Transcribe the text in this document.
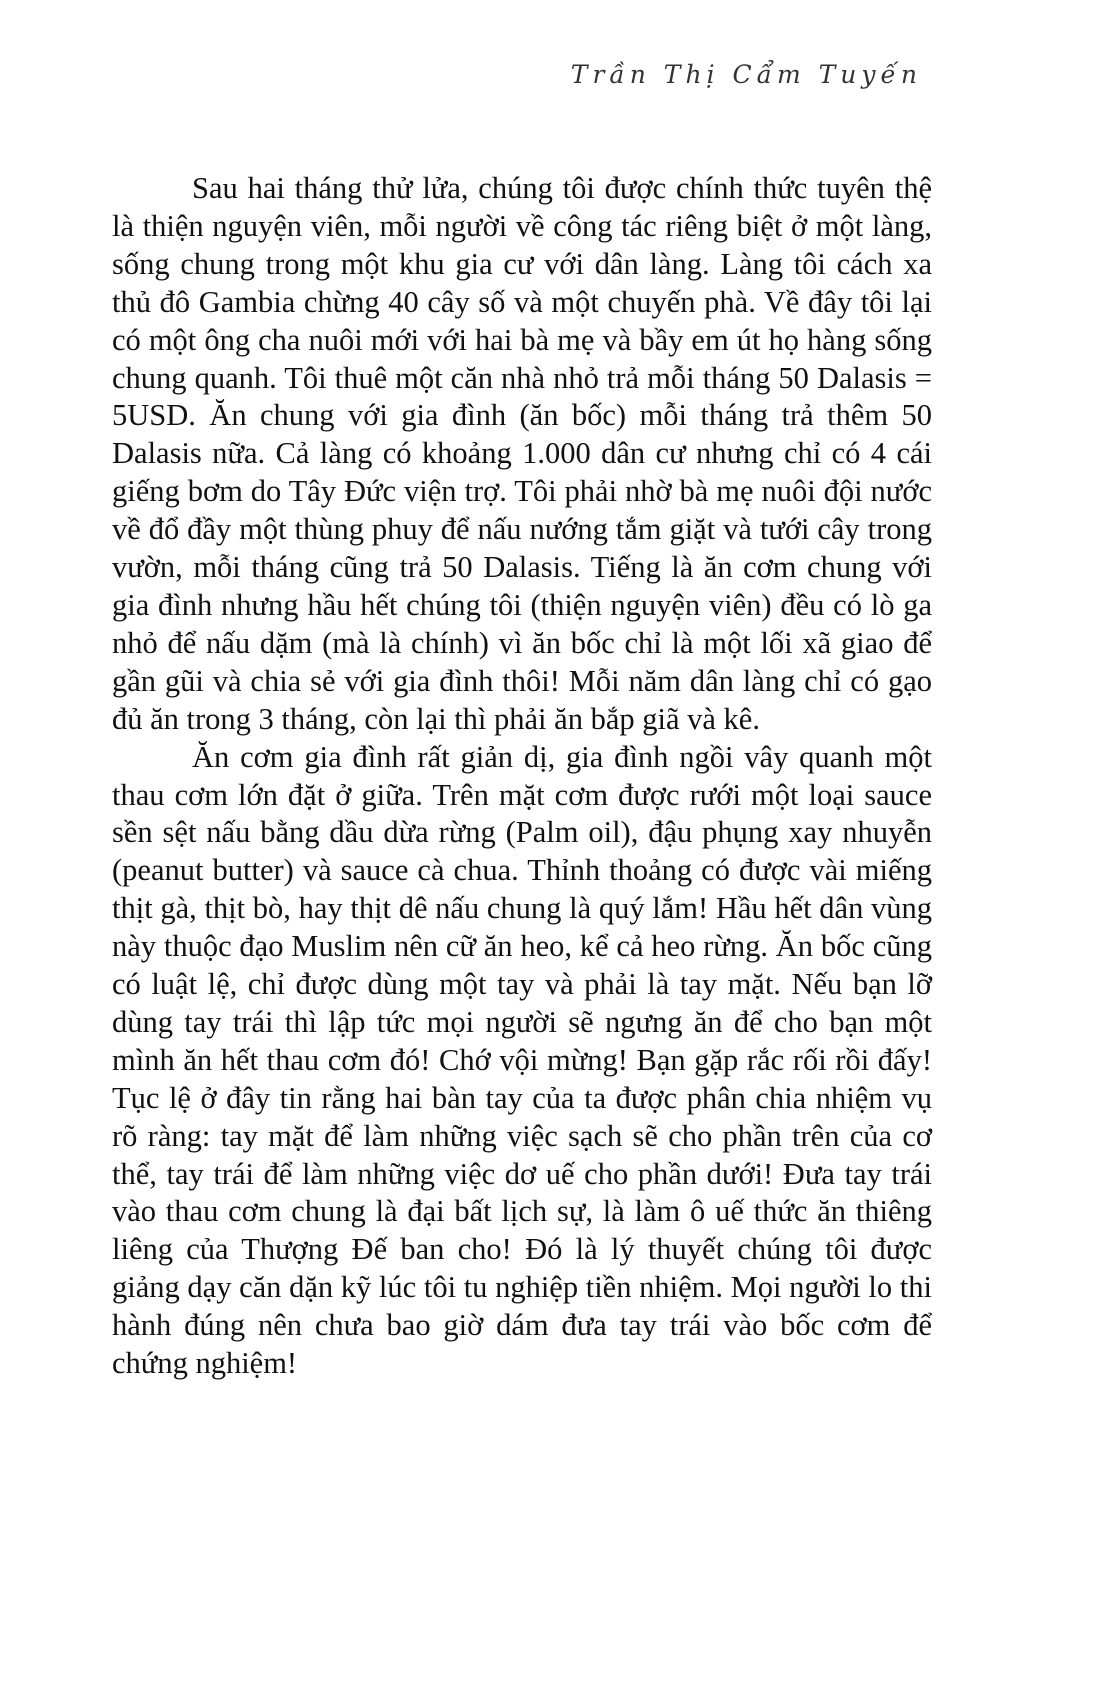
Trần Thị Cẩm Tuyến

Sau hai tháng thử lửa, chúng tôi được chính thức tuyên thệ là thiện nguyện viên, mỗi người về công tác riêng biệt ở một làng, sống chung trong một khu gia cư với dân làng. Làng tôi cách xa thủ đô Gambia chừng 40 cây số và một chuyến phà. Về đây tôi lại có một ông cha nuôi mới với hai bà mẹ và bầy em út họ hàng sống chung quanh. Tôi thuê một căn nhà nhỏ trả mỗi tháng 50 Dalasis = 5USD. Ăn chung với gia đình (ăn bốc) mỗi tháng trả thêm 50 Dalasis nữa. Cả làng có khoảng 1.000 dân cư nhưng chỉ có 4 cái giếng bơm do Tây Đức viện trợ. Tôi phải nhờ bà mẹ nuôi đội nước về đổ đầy một thùng phuy để nấu nướng tắm giặt và tưới cây trong vườn, mỗi tháng cũng trả 50 Dalasis. Tiếng là ăn cơm chung với gia đình nhưng hầu hết chúng tôi (thiện nguyện viên) đều có lò ga nhỏ để nấu dặm (mà là chính) vì ăn bốc chỉ là một lối xã giao để gần gũi và chia sẻ với gia đình thôi! Mỗi năm dân làng chỉ có gạo đủ ăn trong 3 tháng, còn lại thì phải ăn bắp giã và kê.

Ăn cơm gia đình rất giản dị, gia đình ngồi vây quanh một thau cơm lớn đặt ở giữa. Trên mặt cơm được rưới một loại sauce sền sệt nấu bằng dầu dừa rừng (Palm oil), đậu phụng xay nhuyễn (peanut butter) và sauce cà chua. Thỉnh thoảng có được vài miếng thịt gà, thịt bò, hay thịt dê nấu chung là quý lắm! Hầu hết dân vùng này thuộc đạo Muslim nên cữ ăn heo, kể cả heo rừng. Ăn bốc cũng có luật lệ, chỉ được dùng một tay và phải là tay mặt. Nếu bạn lỡ dùng tay trái thì lập tức mọi người sẽ ngưng ăn để cho bạn một mình ăn hết thau cơm đó! Chớ vội mừng! Bạn gặp rắc rối rồi đấy! Tục lệ ở đây tin rằng hai bàn tay của ta được phân chia nhiệm vụ rõ ràng: tay mặt để làm những việc sạch sẽ cho phần trên của cơ thể, tay trái để làm những việc dơ uế cho phần dưới! Đưa tay trái vào thau cơm chung là đại bất lịch sự, là làm ô uế thức ăn thiêng liêng của Thượng Đế ban cho! Đó là lý thuyết chúng tôi được giảng dạy căn dặn kỹ lúc tôi tu nghiệp tiền nhiệm. Mọi người lo thi hành đúng nên chưa bao giờ dám đưa tay trái vào bốc cơm để chứng nghiệm!
